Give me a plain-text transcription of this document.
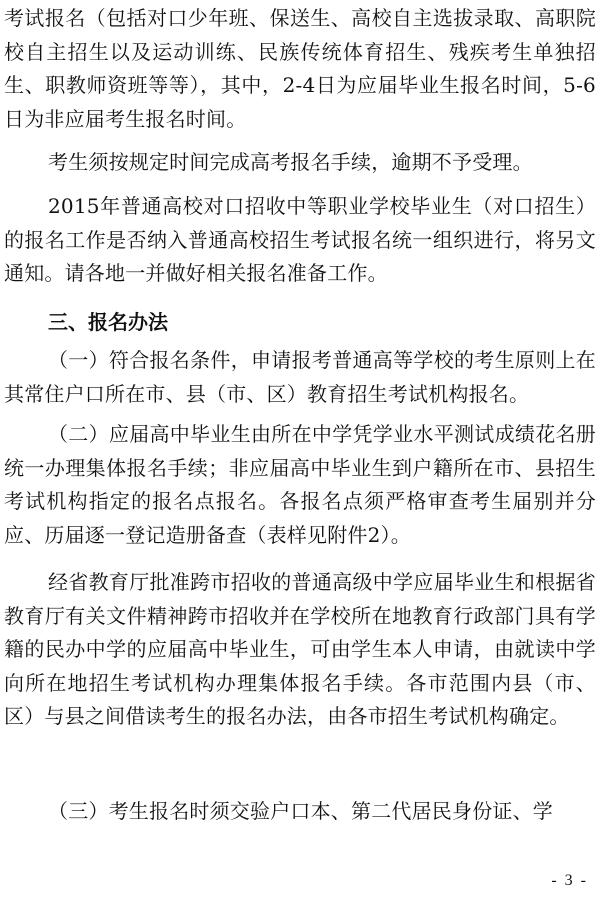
考试报名（包括对口少年班、保送生、高校自主选拔录取、高职院校自主招生以及运动训练、民族传统体育招生、残疾考生单独招生、职教师资班等等），其中，2-4日为应届毕业生报名时间，5-6日为非应届考生报名时间。

考生须按规定时间完成高考报名手续，逾期不予受理。

2015年普通高校对口招收中等职业学校毕业生（对口招生）的报名工作是否纳入普通高校招生考试报名统一组织进行，将另文通知。请各地一并做好相关报名准备工作。

三、报名办法

（一）符合报名条件，申请报考普通高等学校的考生原则上在其常住户口所在市、县（市、区）教育招生考试机构报名。

（二）应届高中毕业生由所在中学凭学业水平测试成绩花名册统一办理集体报名手续；非应届高中毕业生到户籍所在市、县招生考试机构指定的报名点报名。各报名点须严格审查考生届别并分应、历届逐一登记造册备查（表样见附件2）。

经省教育厅批准跨市招收的普通高级中学应届毕业生和根据省教育厅有关文件精神跨市招收并在学校所在地教育行政部门具有学籍的民办中学的应届高中毕业生，可由学生本人申请，由就读中学向所在地招生考试机构办理集体报名手续。各市范围内县（市、区）与县之间借读考生的报名办法，由各市招生考试机构确定。

（三）考生报名时须交验户口本、第二代居民身份证、学

- 3 -
